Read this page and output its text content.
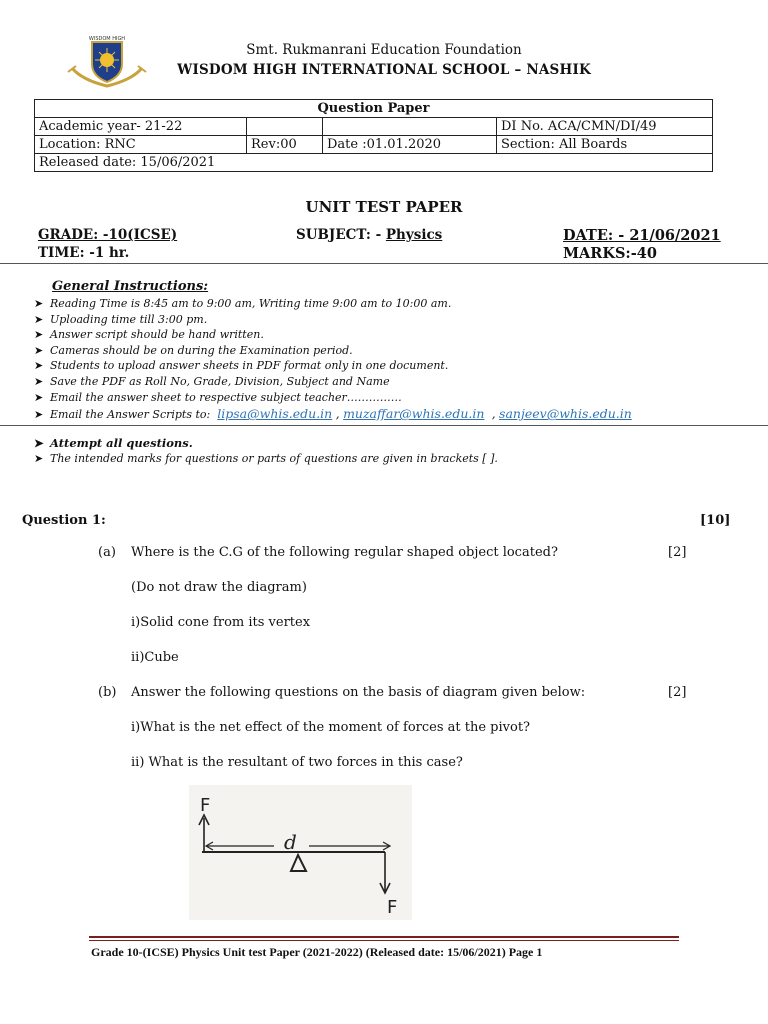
WISDOM HIGH
Smt. Rukmanrani Education Foundation
WISDOM HIGH INTERNATIONAL SCHOOL – NASHIK
Question Paper			
Academic year- 21-22			DI No. ACA/CMN/DI/49
Location: RNC	Rev:00	Date :01.01.2020	Section: All Boards
Released date: 15/06/2021			
UNIT TEST PAPER
GRADE: -10(ICSE)	SUBJECT: - Physics	DATE: - 21/06/2021
TIME: -1 hr.	MARKS:-40
General Instructions:
➤ Reading Time is 8:45 am to 9:00 am, Writing time 9:00 am to 10:00 am.
➤ Uploading time till 3:00 pm.
➤ Answer script should be hand written.
➤ Cameras should be on during the Examination period.
➤ Students to upload answer sheets in PDF format only in one document.
➤ Save the PDF as Roll No, Grade, Division, Subject and Name
➤ Email the answer sheet to respective subject teacher……………
➤ Email the Answer Scripts to: lipsa@whis.edu.in , muzaffar@whis.edu.in  , sanjeev@whis.edu.in
➤ Attempt all questions.
➤ The intended marks for questions or parts of questions are given in brackets [ ].
Question 1:	[10]
(a) Where is the C.G of the following regular shaped object located?	[2]
(Do not draw the diagram)
i)Solid cone from its vertex
ii)Cube
(b) Answer the following questions on the basis of diagram given below:	[2]
i)What is the net effect of the moment of forces at the pivot?
ii) What is the resultant of two forces in this case?
F
d
F
Grade 10-(ICSE) Physics Unit test Paper (2021-2022) (Released date: 15/06/2021) Page 1
